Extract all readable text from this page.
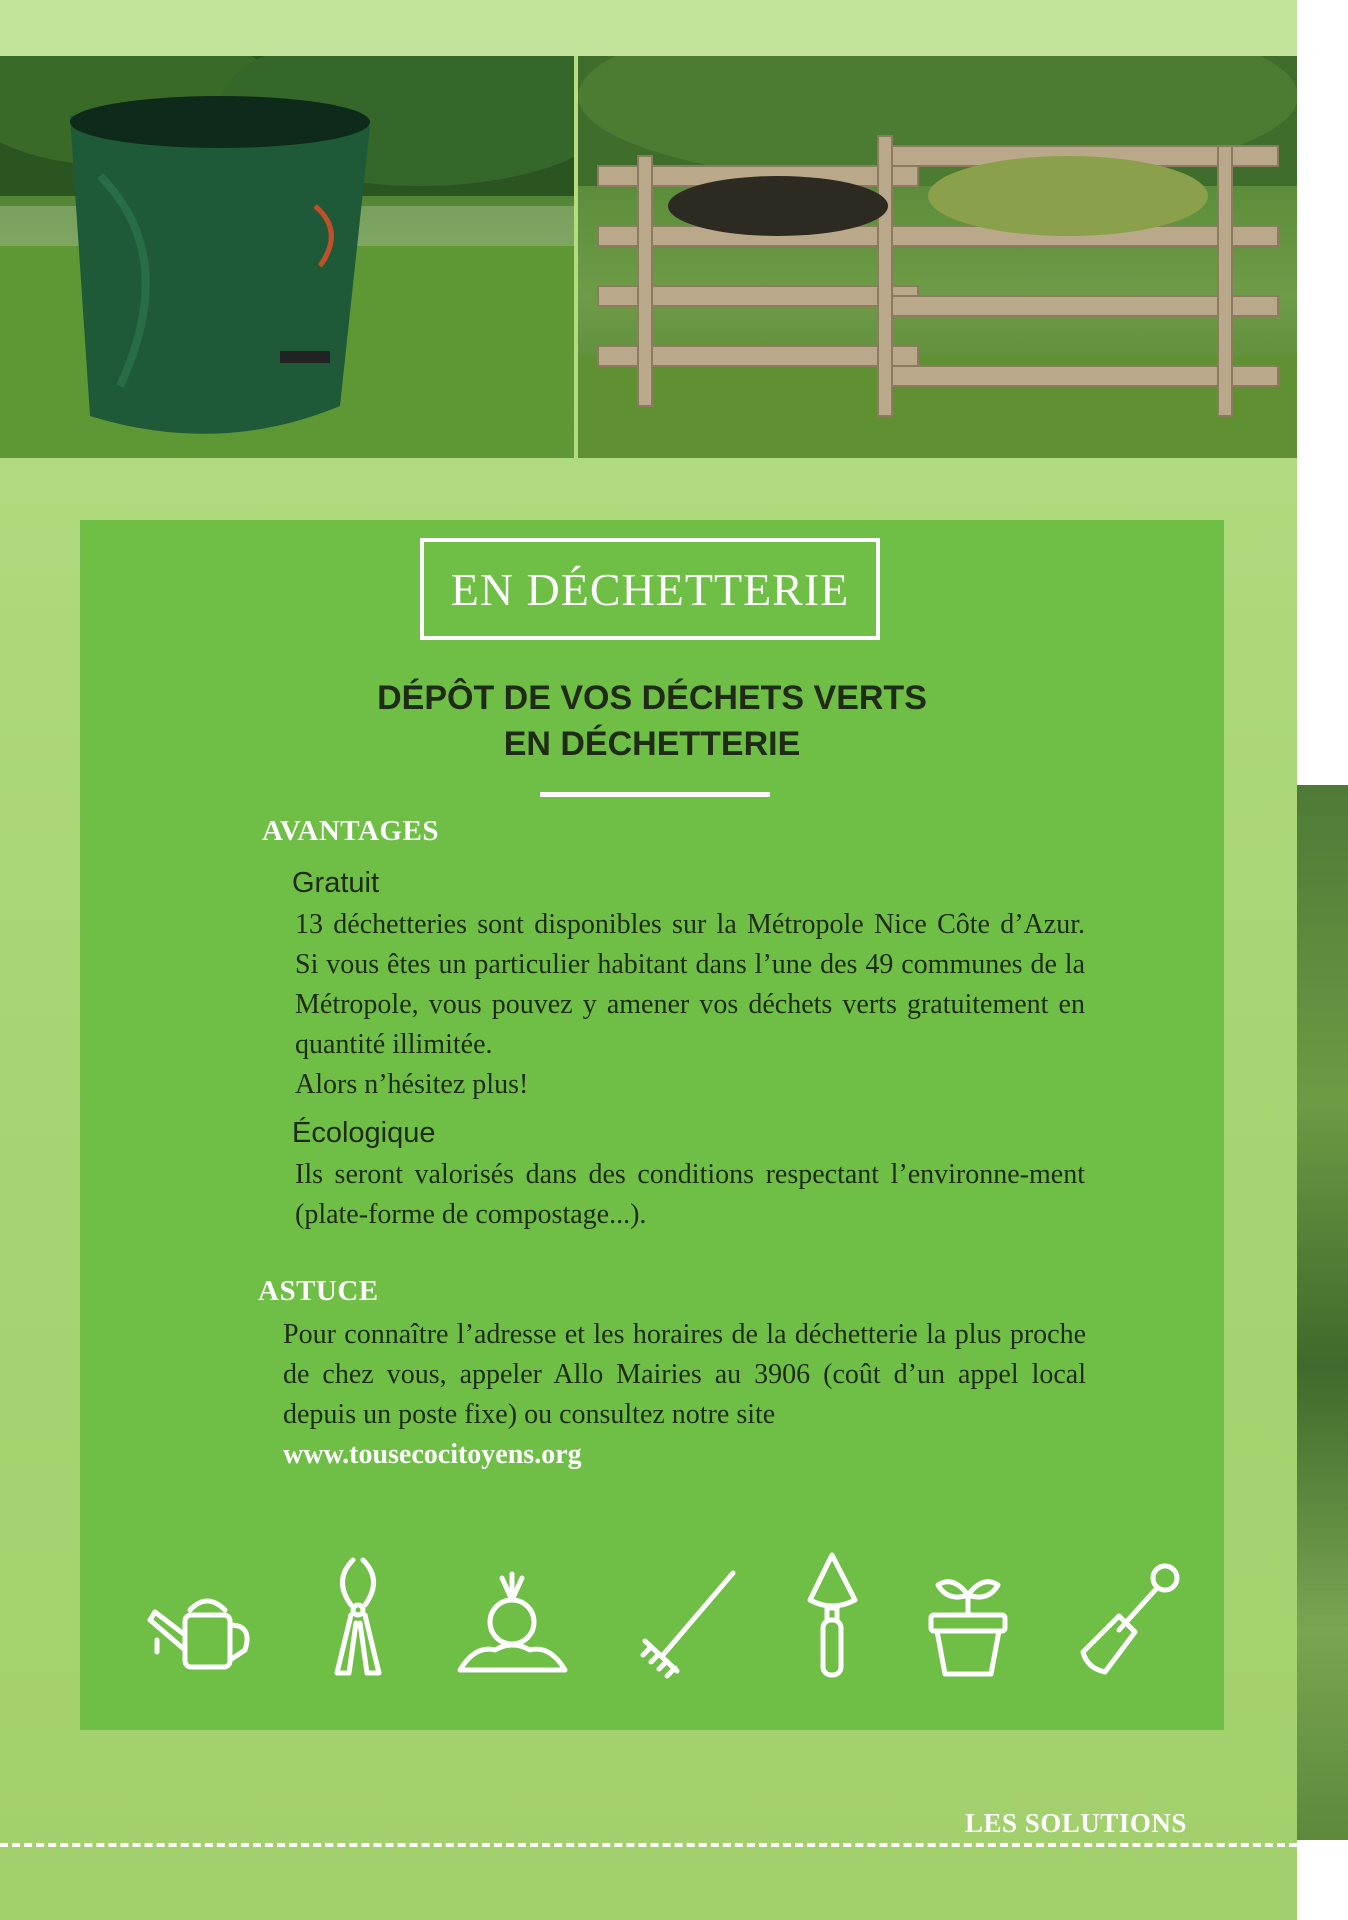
EN DÉCHETTERIE
DÉPÔT DE VOS DÉCHETS VERTS
EN DÉCHETTERIE
AVANTAGES
Gratuit

13 déchetteries sont disponibles sur la Métropole Nice Côte d’Azur. Si vous êtes un particulier habitant dans l’une des 49 communes de la Métropole, vous pouvez y amener vos déchets verts gratuitement en quantité illimitée.

Alors n’hésitez plus!

Écologique

Ils seront valorisés dans des conditions respectant l’environne-ment (plate-forme de compostage...).

ASTUCE

Pour connaître l’adresse et les horaires de la déchetterie la plus proche de chez vous, appeler Allo Mairies au 3906 (coût d’un appel local depuis un poste fixe) ou consultez notre site
www.tousecocitoyens.org

LES SOLUTIONS
